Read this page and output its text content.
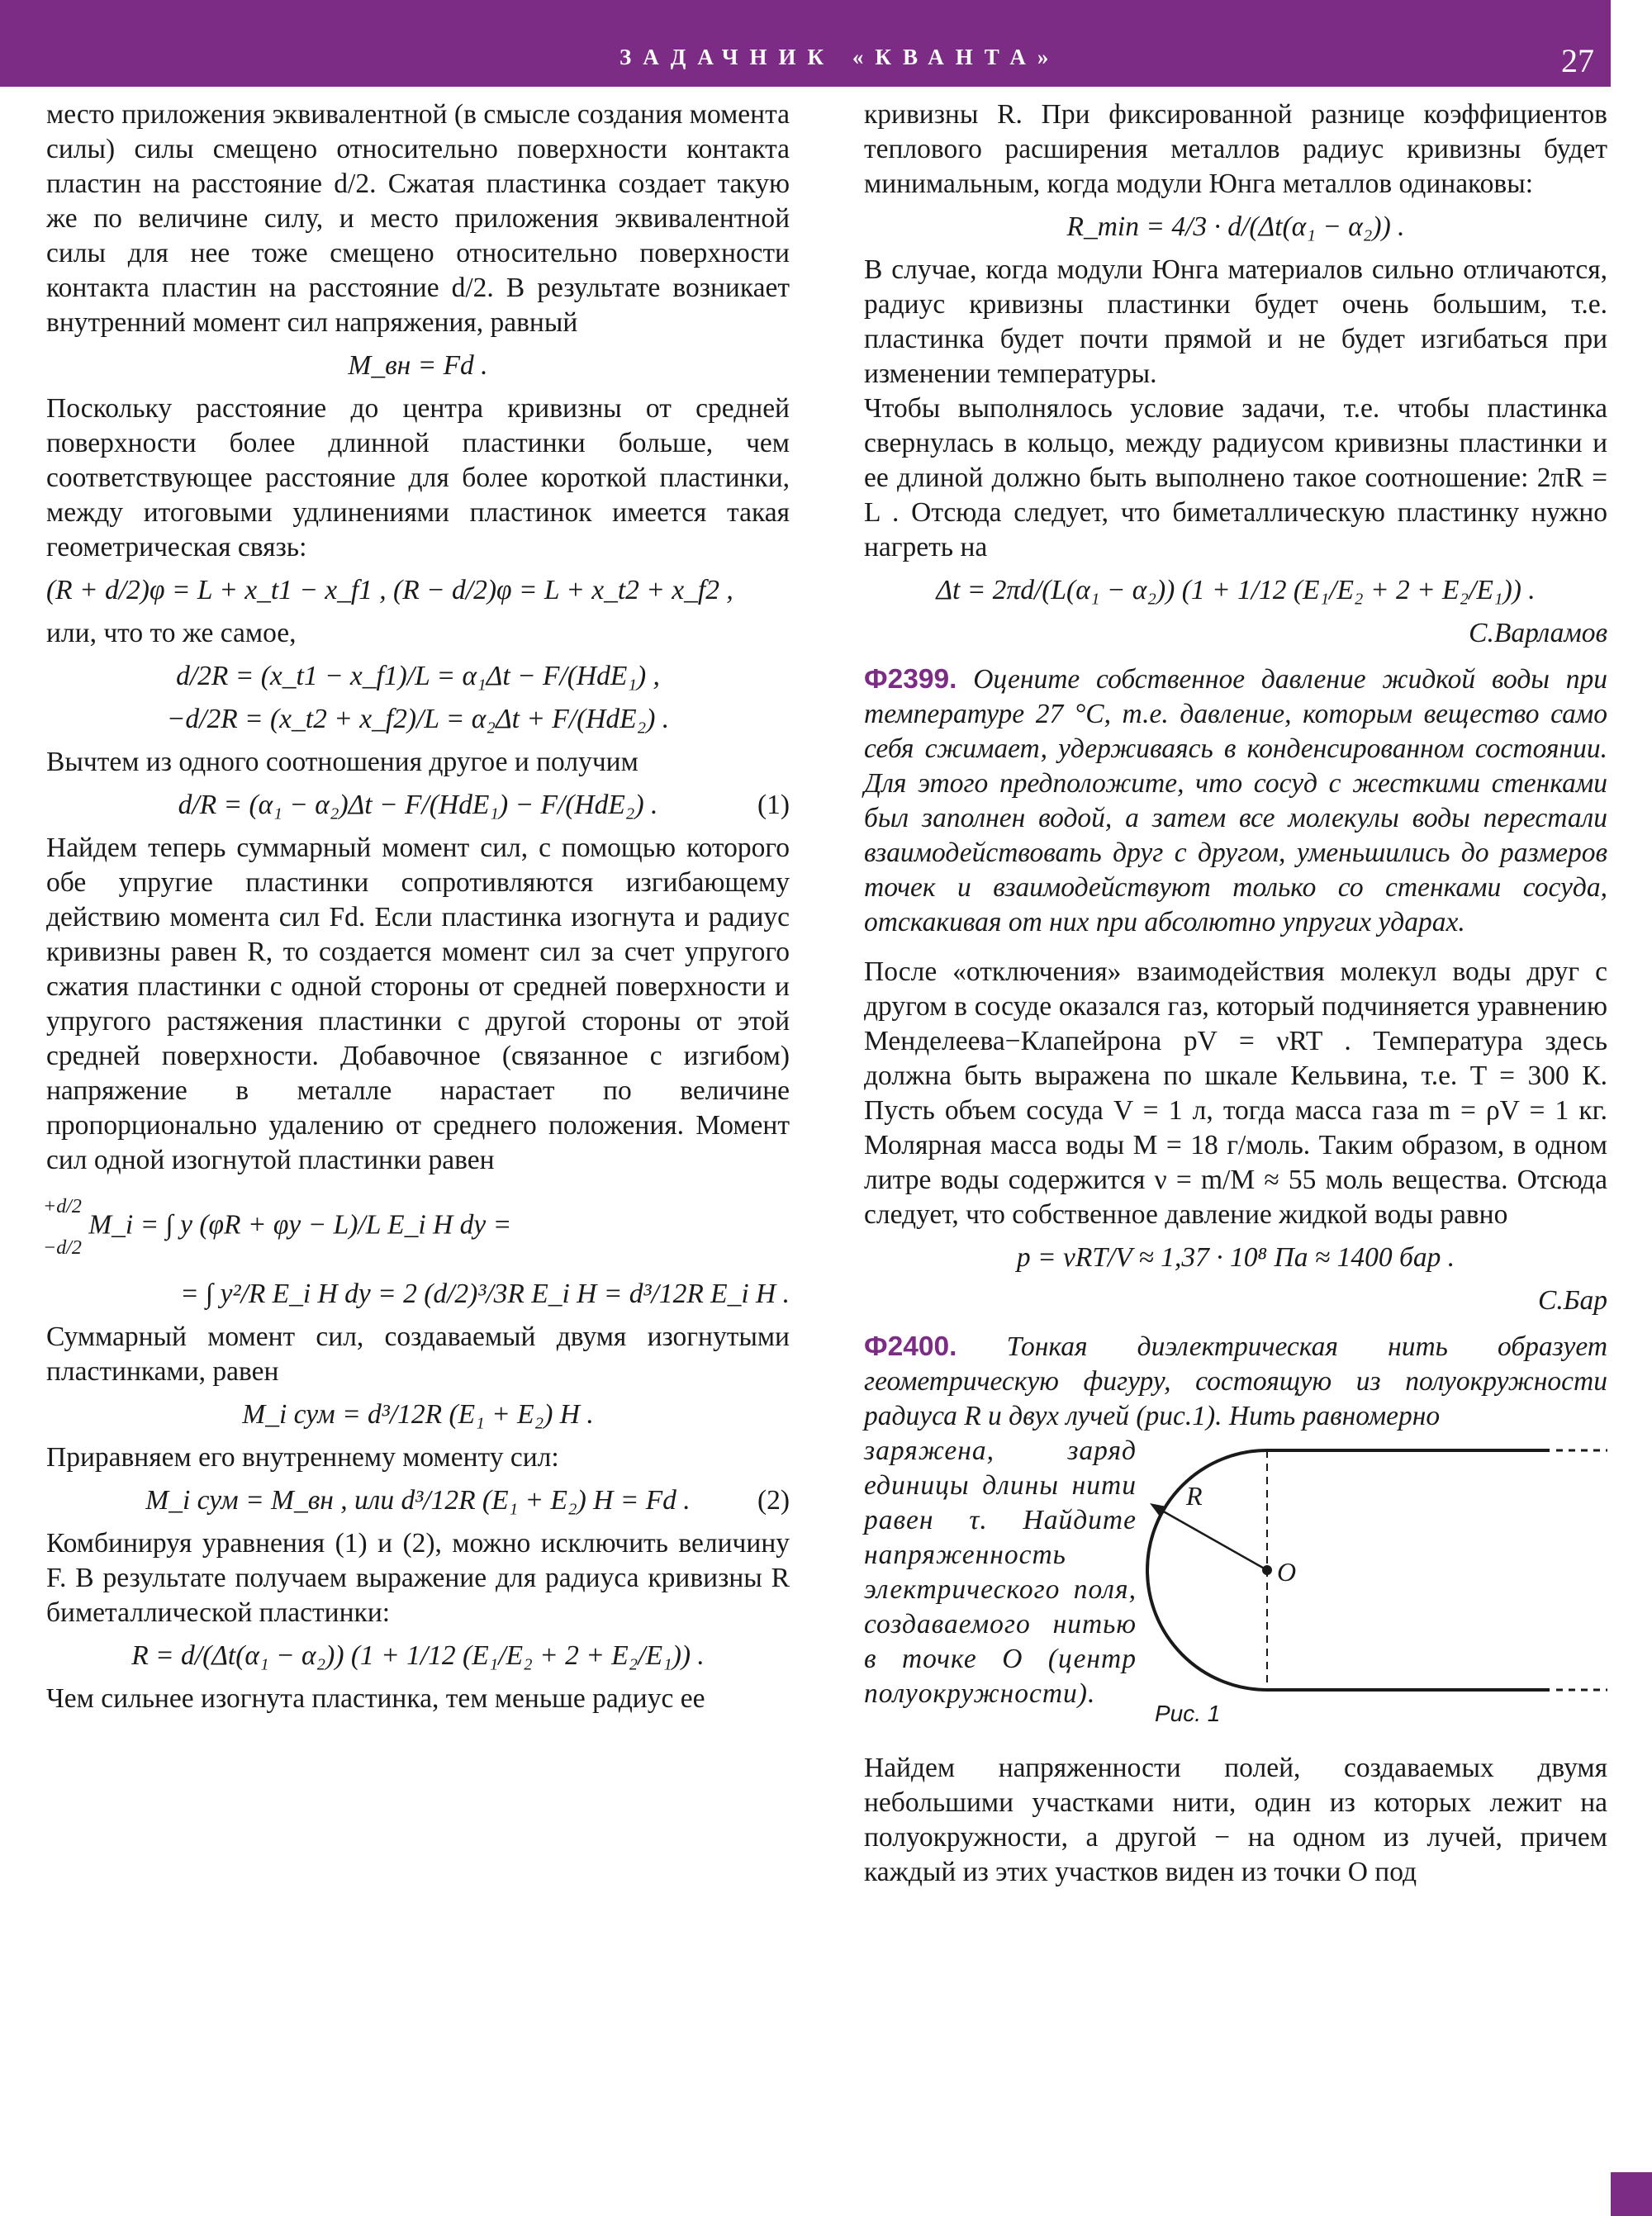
ЗАДАЧНИК «КВАНТА»	27

место приложения эквивалентной (в смысле создания момента силы) силы смещено относительно поверхности контакта пластин на расстояние d/2. Сжатая пластинка создает такую же по величине силу, и место приложения эквивалентной силы для нее тоже смещено относительно поверхности контакта пластин на расстояние d/2. В результате возникает внутренний момент сил напряжения, равный

M_вн = Fd .

Поскольку расстояние до центра кривизны от средней поверхности более длинной пластинки больше, чем соответствующее расстояние для более короткой пластинки, между итоговыми удлинениями пластинок имеется такая геометрическая связь:

(R + d/2)φ = L + x_t1 − x_f1 , (R − d/2)φ = L + x_t2 + x_f2 ,

или, что то же самое,

d/2R = (x_t1 − x_f1)/L = α₁Δt − F/(HdE₁) ,
−d/2R = (x_t2 + x_f2)/L = α₂Δt + F/(HdE₂) .

Вычтем из одного соотношения другое и получим

d/R = (α₁ − α₂)Δt − F/(HdE₁) − F/(HdE₂) .	(1)

Найдем теперь суммарный момент сил, с помощью которого обе упругие пластинки сопротивляются изгибающему действию момента сил Fd. Если пластинка изогнута и радиус кривизны равен R, то создается момент сил за счет упругого сжатия пластинки с одной стороны от средней поверхности и упругого растяжения пластинки с другой стороны от этой средней поверхности. Добавочное (связанное с изгибом) напряжение в металле нарастает по величине пропорционально удалению от среднего положения. Момент сил одной изогнутой пластинки равен

+d/2
−d/2
M_i = ∫ y (φR + φy − L)/L E_i H dy =
= ∫ y²/R E_i H dy = 2 (d/2)³/3R E_i H = d³/12R E_i H .

Суммарный момент сил, создаваемый двумя изогнутыми пластинками, равен

M_i сум = d³/12R (E₁ + E₂) H .

Приравняем его внутреннему моменту сил:

M_i сум = M_вн , или d³/12R (E₁ + E₂) H = Fd . (2)

Комбинируя уравнения (1) и (2), можно исключить величину F. В результате получаем выражение для радиуса кривизны R биметаллической пластинки:

R = d/(Δt(α₁ − α₂)) (1 + 1/12 (E₁/E₂ + 2 + E₂/E₁)) .

Чем сильнее изогнута пластинка, тем меньше радиус ее

кривизны R. При фиксированной разнице коэффициентов теплового расширения металлов радиус кривизны будет минимальным, когда модули Юнга металлов одинаковы:

R_min = 4/3 · d/(Δt(α₁ − α₂)) .

В случае, когда модули Юнга материалов сильно отличаются, радиус кривизны пластинки будет очень большим, т.е. пластинка будет почти прямой и не будет изгибаться при изменении температуры.

Чтобы выполнялось условие задачи, т.е. чтобы пластинка свернулась в кольцо, между радиусом кривизны пластинки и ее длиной должно быть выполнено такое соотношение: 2πR = L . Отсюда следует, что биметаллическую пластинку нужно нагреть на

Δt = 2πd/(L(α₁ − α₂)) (1 + 1/12 (E₁/E₂ + 2 + E₂/E₁)) .
С.Варламов

Ф2399. Оцените собственное давление жидкой воды при температуре 27 °C, т.е. давление, которым вещество само себя сжимает, удерживаясь в конденсированном состоянии. Для этого предположите, что сосуд с жесткими стенками был заполнен водой, а затем все молекулы воды перестали взаимодействовать друг с другом, уменьшились до размеров точек и взаимодействуют только со стенками сосуда, отскакивая от них при абсолютно упругих ударах.

После «отключения» взаимодействия молекул воды друг с другом в сосуде оказался газ, который подчиняется уравнению Менделеева−Клапейрона pV = νRT . Температура здесь должна быть выражена по шкале Кельвина, т.е. T = 300 К. Пусть объем сосуда V = 1 л, тогда масса газа m = ρV = 1 кг. Молярная масса воды M = 18 г/моль. Таким образом, в одном литре воды содержится ν = m/M ≈ 55 моль вещества. Отсюда следует, что собственное давление жидкой воды равно

p = νRT/V ≈ 1,37 · 10⁸ Па ≈ 1400 бар .
С.Бар

Ф2400. Тонкая диэлектрическая нить образует геометрическую фигуру, состоящую из полуокружности радиуса R и двух лучей (рис.1). Нить равномерно

R
O
Рис. 1

заряжена, заряд единицы длины нити равен τ. Найдите напряженность электрического поля, создаваемого нитью в точке O (центр полуокружности).

Найдем напряженности полей, создаваемых двумя небольшими участками нити, один из которых лежит на полуокружности, а другой − на одном из лучей, причем каждый из этих участков виден из точки O под
